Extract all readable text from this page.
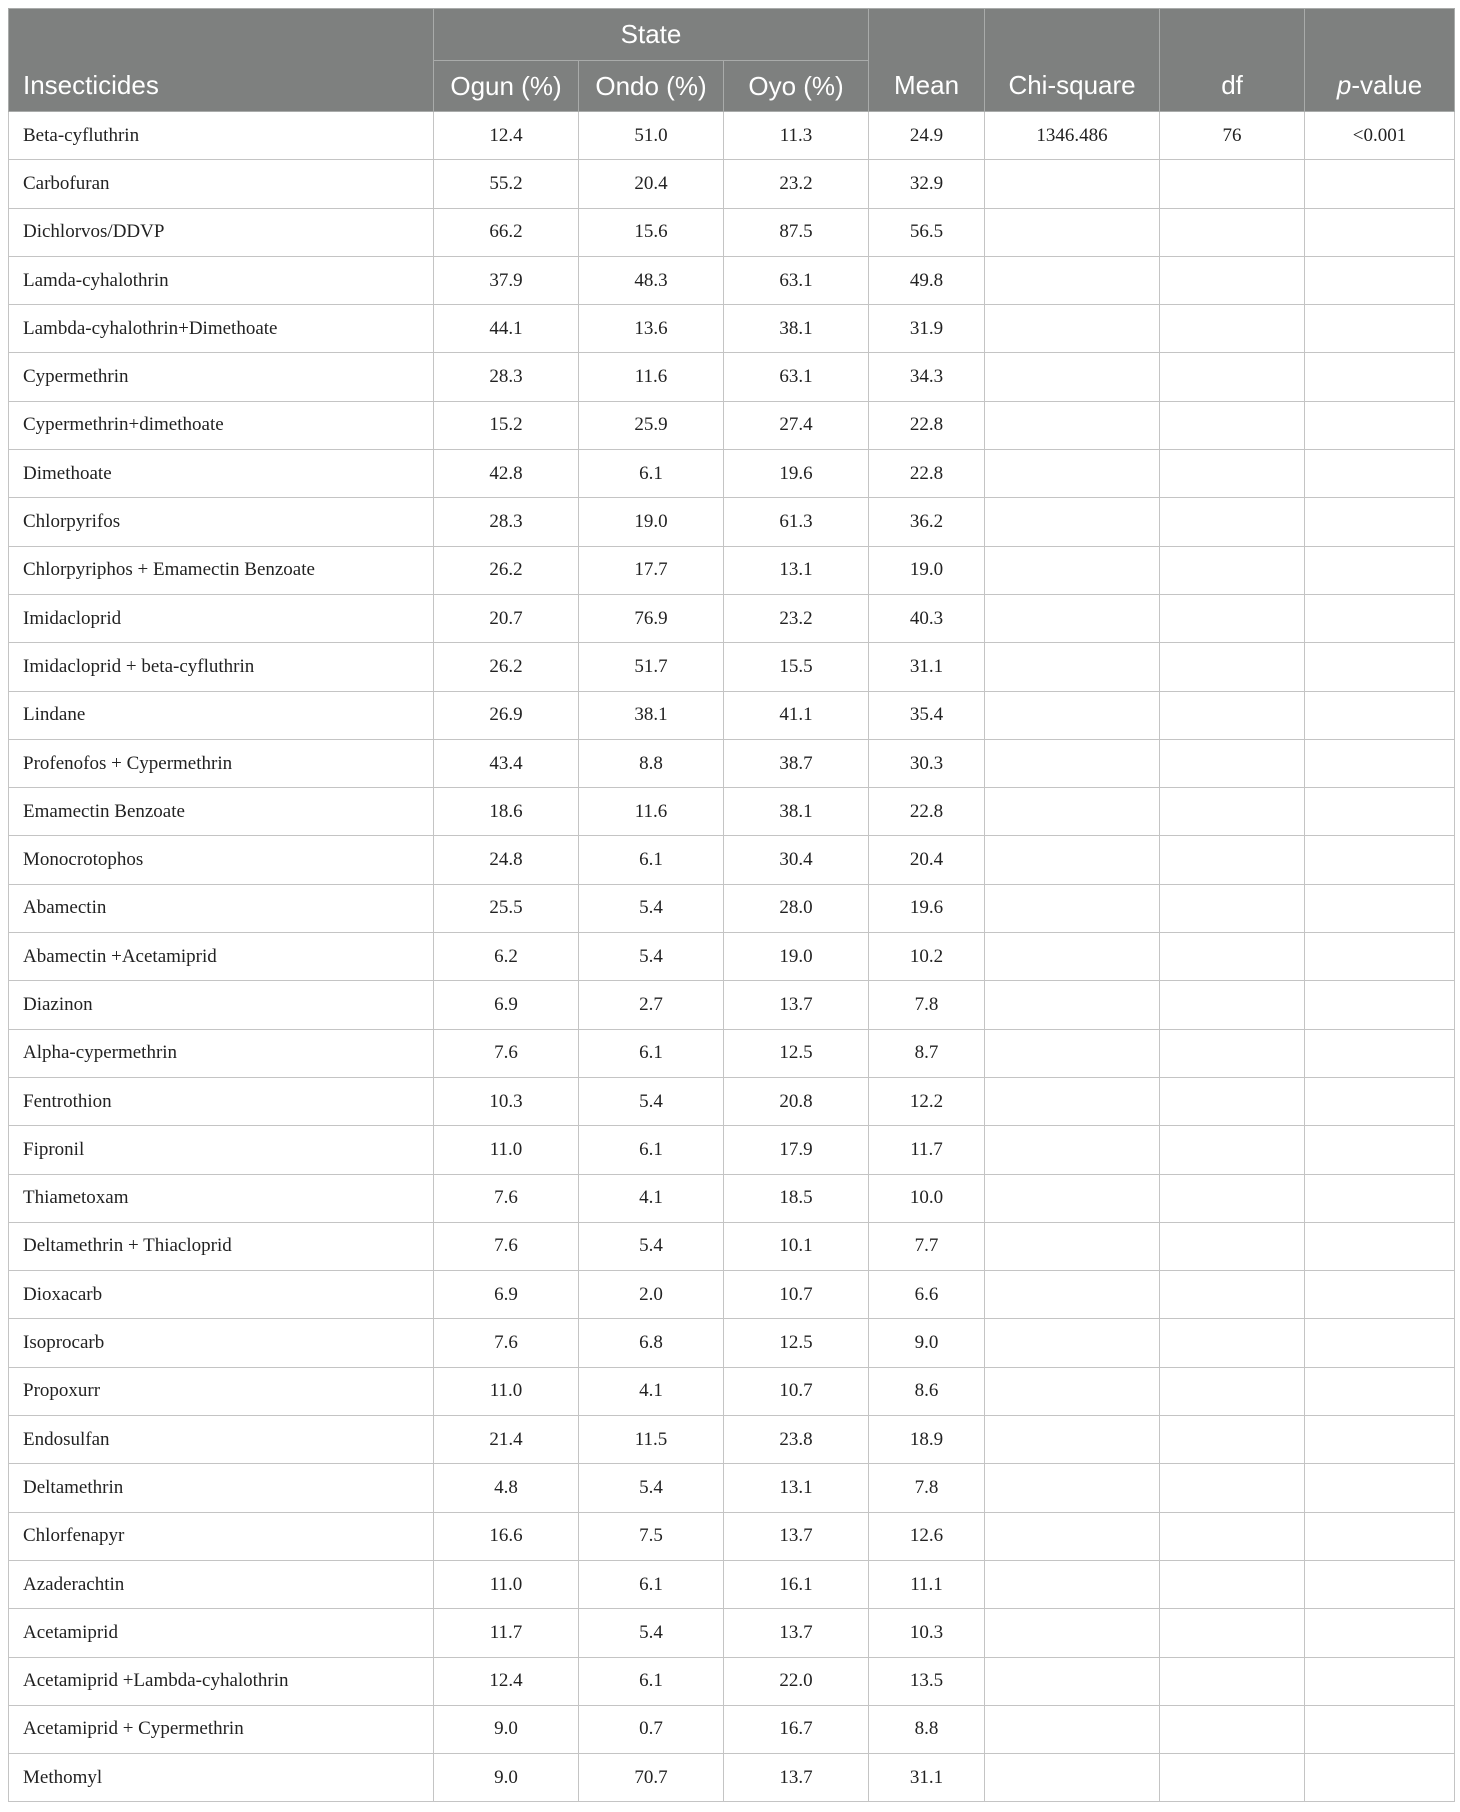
Insecticides	State			Mean	Chi-square	df	p-value
	Ogun (%)	Ondo (%)	Oyo (%)				
Beta-cyfluthrin	12.4	51.0	11.3	24.9	1346.486	76	<0.001
Carbofuran	55.2	20.4	23.2	32.9			
Dichlorvos/DDVP	66.2	15.6	87.5	56.5			
Lamda-cyhalothrin	37.9	48.3	63.1	49.8			
Lambda-cyhalothrin+Dimethoate	44.1	13.6	38.1	31.9			
Cypermethrin	28.3	11.6	63.1	34.3			
Cypermethrin+dimethoate	15.2	25.9	27.4	22.8			
Dimethoate	42.8	6.1	19.6	22.8			
Chlorpyrifos	28.3	19.0	61.3	36.2			
Chlorpyriphos + Emamectin Benzoate	26.2	17.7	13.1	19.0			
Imidacloprid	20.7	76.9	23.2	40.3			
Imidacloprid + beta-cyfluthrin	26.2	51.7	15.5	31.1			
Lindane	26.9	38.1	41.1	35.4			
Profenofos + Cypermethrin	43.4	8.8	38.7	30.3			
Emamectin Benzoate	18.6	11.6	38.1	22.8			
Monocrotophos	24.8	6.1	30.4	20.4			
Abamectin	25.5	5.4	28.0	19.6			
Abamectin +Acetamiprid	6.2	5.4	19.0	10.2			
Diazinon	6.9	2.7	13.7	7.8			
Alpha-cypermethrin	7.6	6.1	12.5	8.7			
Fentrothion	10.3	5.4	20.8	12.2			
Fipronil	11.0	6.1	17.9	11.7			
Thiametoxam	7.6	4.1	18.5	10.0			
Deltamethrin + Thiacloprid	7.6	5.4	10.1	7.7			
Dioxacarb	6.9	2.0	10.7	6.6			
Isoprocarb	7.6	6.8	12.5	9.0			
Propoxurr	11.0	4.1	10.7	8.6			
Endosulfan	21.4	11.5	23.8	18.9			
Deltamethrin	4.8	5.4	13.1	7.8			
Chlorfenapyr	16.6	7.5	13.7	12.6			
Azaderachtin	11.0	6.1	16.1	11.1			
Acetamiprid	11.7	5.4	13.7	10.3			
Acetamiprid +Lambda-cyhalothrin	12.4	6.1	22.0	13.5			
Acetamiprid + Cypermethrin	9.0	0.7	16.7	8.8			
Methomyl	9.0	70.7	13.7	31.1			
